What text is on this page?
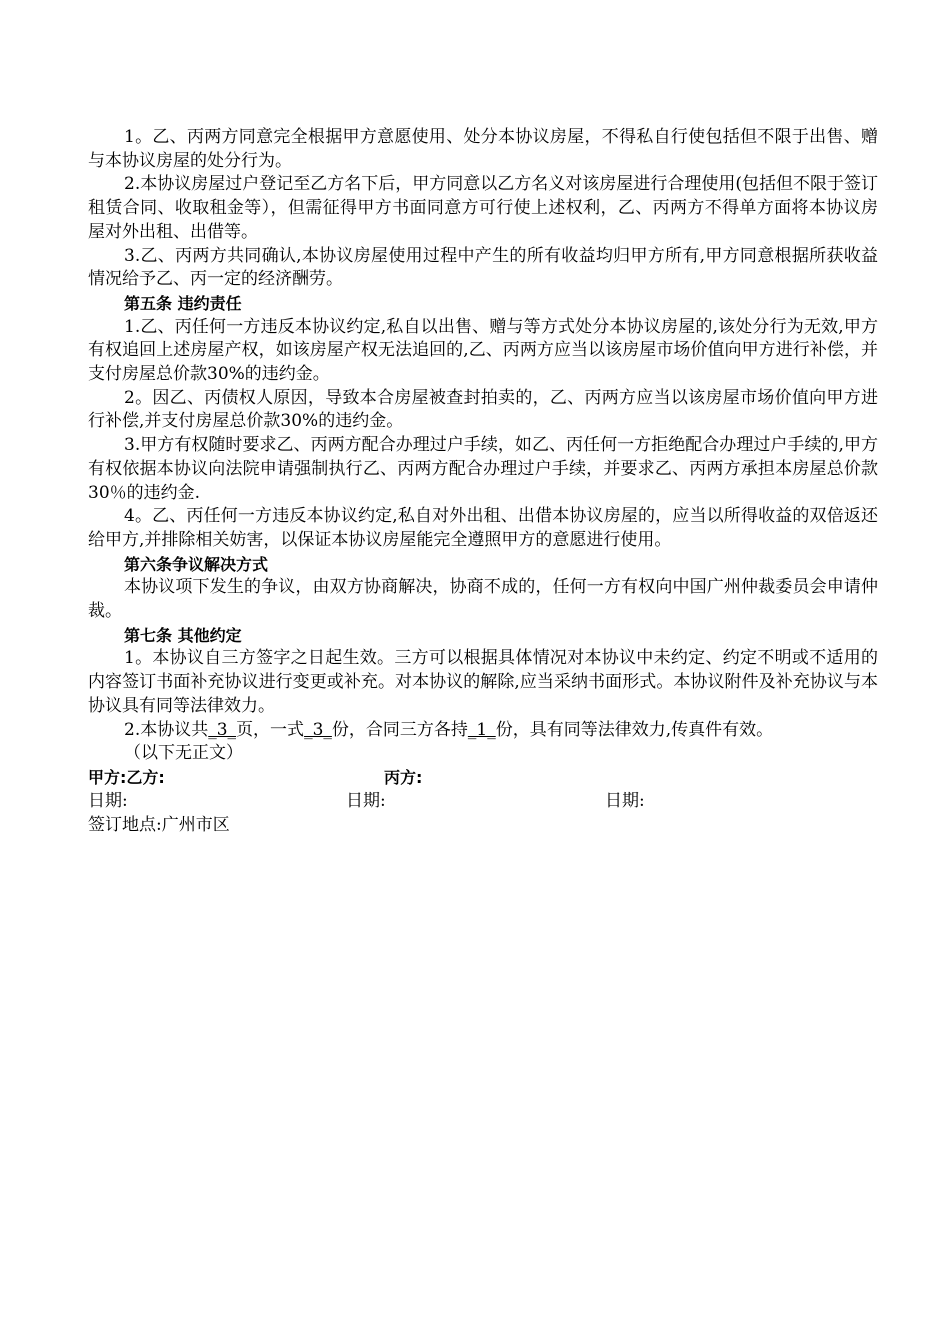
1。乙、丙两方同意完全根据甲方意愿使用、处分本协议房屋，不得私自行使包括但不限于出售、赠与本协议房屋的处分行为。

2.本协议房屋过户登记至乙方名下后，甲方同意以乙方名义对该房屋进行合理使用(包括但不限于签订租赁合同、收取租金等），但需征得甲方书面同意方可行使上述权利，乙、丙两方不得单方面将本协议房屋对外出租、出借等。

3.乙、丙两方共同确认,本协议房屋使用过程中产生的所有收益均归甲方所有,甲方同意根据所获收益情况给予乙、丙一定的经济酬劳。

第五条 违约责任

1.乙、丙任何一方违反本协议约定,私自以出售、赠与等方式处分本协议房屋的,该处分行为无效,甲方有权追回上述房屋产权，如该房屋产权无法追回的,乙、丙两方应当以该房屋市场价值向甲方进行补偿，并支付房屋总价款30%的违约金。

2。因乙、丙债权人原因，导致本合房屋被查封拍卖的，乙、丙两方应当以该房屋市场价值向甲方进行补偿,并支付房屋总价款30%的违约金。

3.甲方有权随时要求乙、丙两方配合办理过户手续，如乙、丙任何一方拒绝配合办理过户手续的,甲方有权依据本协议向法院申请强制执行乙、丙两方配合办理过户手续，并要求乙、丙两方承担本房屋总价款30％的违约金.

4。乙、丙任何一方违反本协议约定,私自对外出租、出借本协议房屋的，应当以所得收益的双倍返还给甲方,并排除相关妨害，以保证本协议房屋能完全遵照甲方的意愿进行使用。

第六条争议解决方式

本协议项下发生的争议，由双方协商解决，协商不成的，任何一方有权向中国广州仲裁委员会申请仲裁。

第七条 其他约定

1。本协议自三方签字之日起生效。三方可以根据具体情况对本协议中未约定、约定不明或不适用的内容签订书面补充协议进行变更或补充。对本协议的解除,应当采纳书面形式。本协议附件及补充协议与本协议具有同等法律效力。

2.本协议共_3_页，一式_3_份，合同三方各持_1_份，具有同等法律效力,传真件有效。

（以下无正文）

甲方:乙方:	丙方:
日期:	日期:	日期:

签订地点:广州市区
